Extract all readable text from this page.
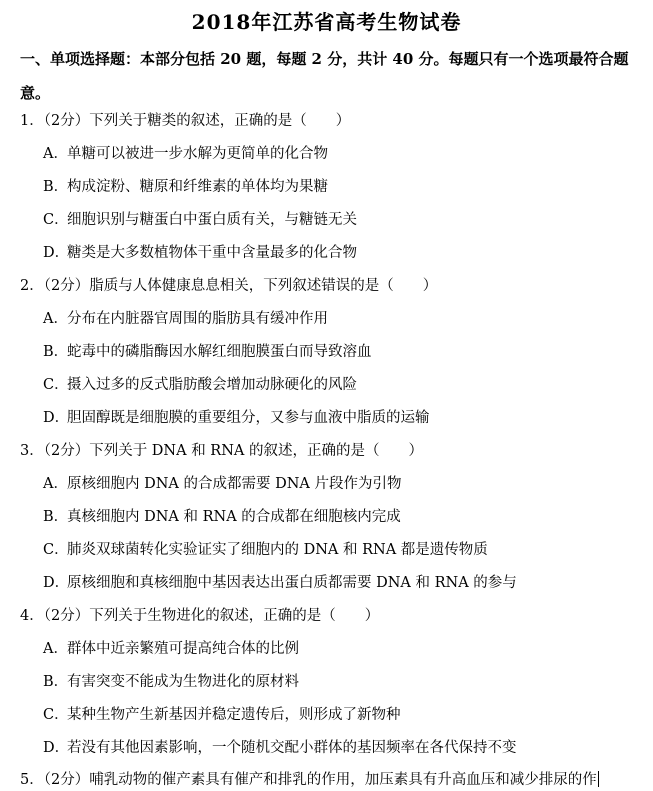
2018年江苏省高考生物试卷
一、单项选择题：本部分包括 20 题，每题 2 分，共计 40 分。每题只有一个选项最符合题意。
1．（2分）下列关于糖类的叙述，正确的是（　　）
A．单糖可以被进一步水解为更简单的化合物
B．构成淀粉、糖原和纤维素的单体均为果糖
C．细胞识别与糖蛋白中蛋白质有关，与糖链无关
D．糖类是大多数植物体干重中含量最多的化合物
2．（2分）脂质与人体健康息息相关，下列叙述错误的是（　　）
A．分布在内脏器官周围的脂肪具有缓冲作用
B．蛇毒中的磷脂酶因水解红细胞膜蛋白而导致溶血
C．摄入过多的反式脂肪酸会增加动脉硬化的风险
D．胆固醇既是细胞膜的重要组分，又参与血液中脂质的运输
3．（2分）下列关于 DNA 和 RNA 的叙述，正确的是（　　）
A．原核细胞内 DNA 的合成都需要 DNA 片段作为引物
B．真核细胞内 DNA 和 RNA 的合成都在细胞核内完成
C．肺炎双球菌转化实验证实了细胞内的 DNA 和 RNA 都是遗传物质
D．原核细胞和真核细胞中基因表达出蛋白质都需要 DNA 和 RNA 的参与
4．（2分）下列关于生物进化的叙述，正确的是（　　）
A．群体中近亲繁殖可提高纯合体的比例
B．有害突变不能成为生物进化的原材料
C．某种生物产生新基因并稳定遗传后，则形成了新物种
D．若没有其他因素影响，一个随机交配小群体的基因频率在各代保持不变
5．（2分）哺乳动物的催产素具有催产和排乳的作用，加压素具有升高血压和减少排尿的作
